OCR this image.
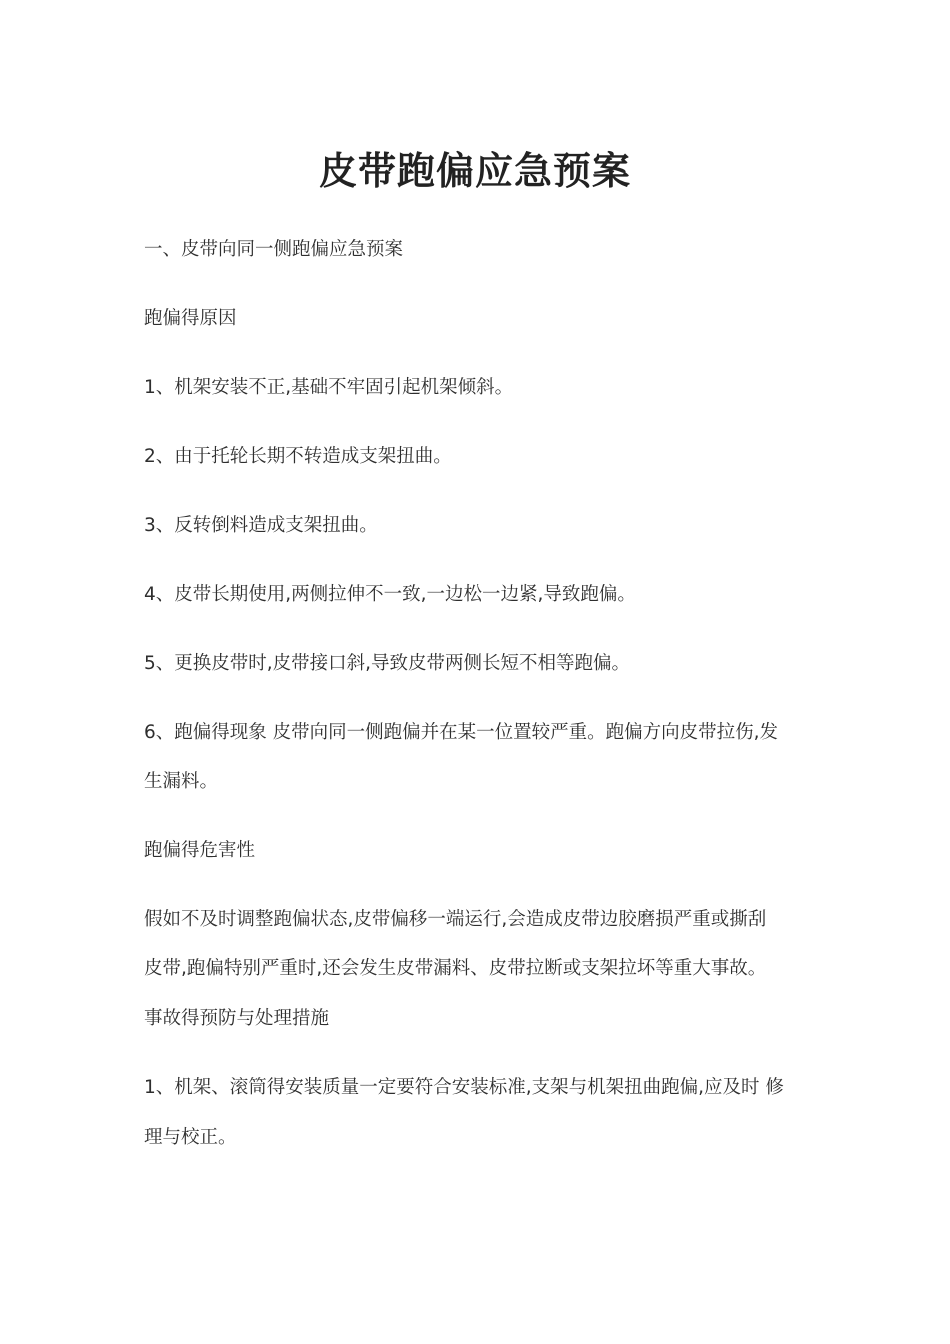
皮带跑偏应急预案
一、皮带向同一侧跑偏应急预案
跑偏得原因
1、机架安装不正,基础不牢固引起机架倾斜。
2、由于托轮长期不转造成支架扭曲。
3、反转倒料造成支架扭曲。
4、皮带长期使用,两侧拉伸不一致,一边松一边紧,导致跑偏。
5、更换皮带时,皮带接口斜,导致皮带两侧长短不相等跑偏。
6、跑偏得现象 皮带向同一侧跑偏并在某一位置较严重。跑偏方向皮带拉伤,发
生漏料。
跑偏得危害性
假如不及时调整跑偏状态,皮带偏移一端运行,会造成皮带边胶磨损严重或撕刮
皮带,跑偏特别严重时,还会发生皮带漏料、皮带拉断或支架拉坏等重大事故。
事故得预防与处理措施
1、机架、滚筒得安装质量一定要符合安装标准,支架与机架扭曲跑偏,应及时 修
理与校正。
